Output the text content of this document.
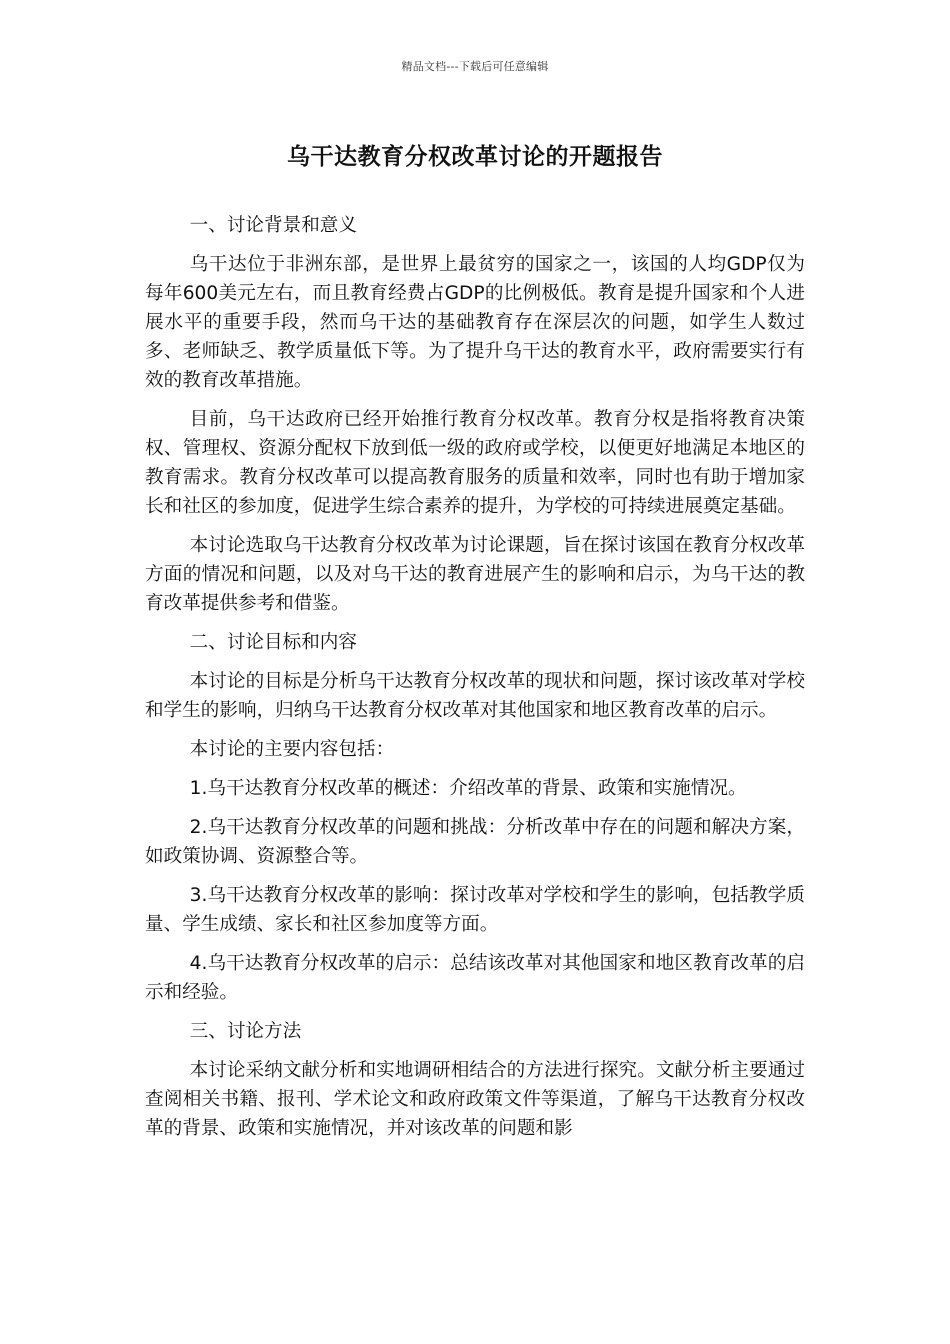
精品文档---下载后可任意编辑
乌干达教育分权改革讨论的开题报告

一、讨论背景和意义

乌干达位于非洲东部，是世界上最贫穷的国家之一，该国的人均GDP仅为每年600美元左右，而且教育经费占GDP的比例极低。教育是提升国家和个人进展水平的重要手段，然而乌干达的基础教育存在深层次的问题，如学生人数过多、老师缺乏、教学质量低下等。为了提升乌干达的教育水平，政府需要实行有效的教育改革措施。

目前，乌干达政府已经开始推行教育分权改革。教育分权是指将教育决策权、管理权、资源分配权下放到低一级的政府或学校，以便更好地满足本地区的教育需求。教育分权改革可以提高教育服务的质量和效率，同时也有助于增加家长和社区的参加度，促进学生综合素养的提升，为学校的可持续进展奠定基础。

本讨论选取乌干达教育分权改革为讨论课题，旨在探讨该国在教育分权改革方面的情况和问题，以及对乌干达的教育进展产生的影响和启示，为乌干达的教育改革提供参考和借鉴。

二、讨论目标和内容

本讨论的目标是分析乌干达教育分权改革的现状和问题，探讨该改革对学校和学生的影响，归纳乌干达教育分权改革对其他国家和地区教育改革的启示。

本讨论的主要内容包括：

1.乌干达教育分权改革的概述：介绍改革的背景、政策和实施情况。

2.乌干达教育分权改革的问题和挑战：分析改革中存在的问题和解决方案，如政策协调、资源整合等。

3.乌干达教育分权改革的影响：探讨改革对学校和学生的影响，包括教学质量、学生成绩、家长和社区参加度等方面。

4.乌干达教育分权改革的启示：总结该改革对其他国家和地区教育改革的启示和经验。

三、讨论方法

本讨论采纳文献分析和实地调研相结合的方法进行探究。文献分析主要通过查阅相关书籍、报刊、学术论文和政府政策文件等渠道，了解乌干达教育分权改革的背景、政策和实施情况，并对该改革的问题和影
